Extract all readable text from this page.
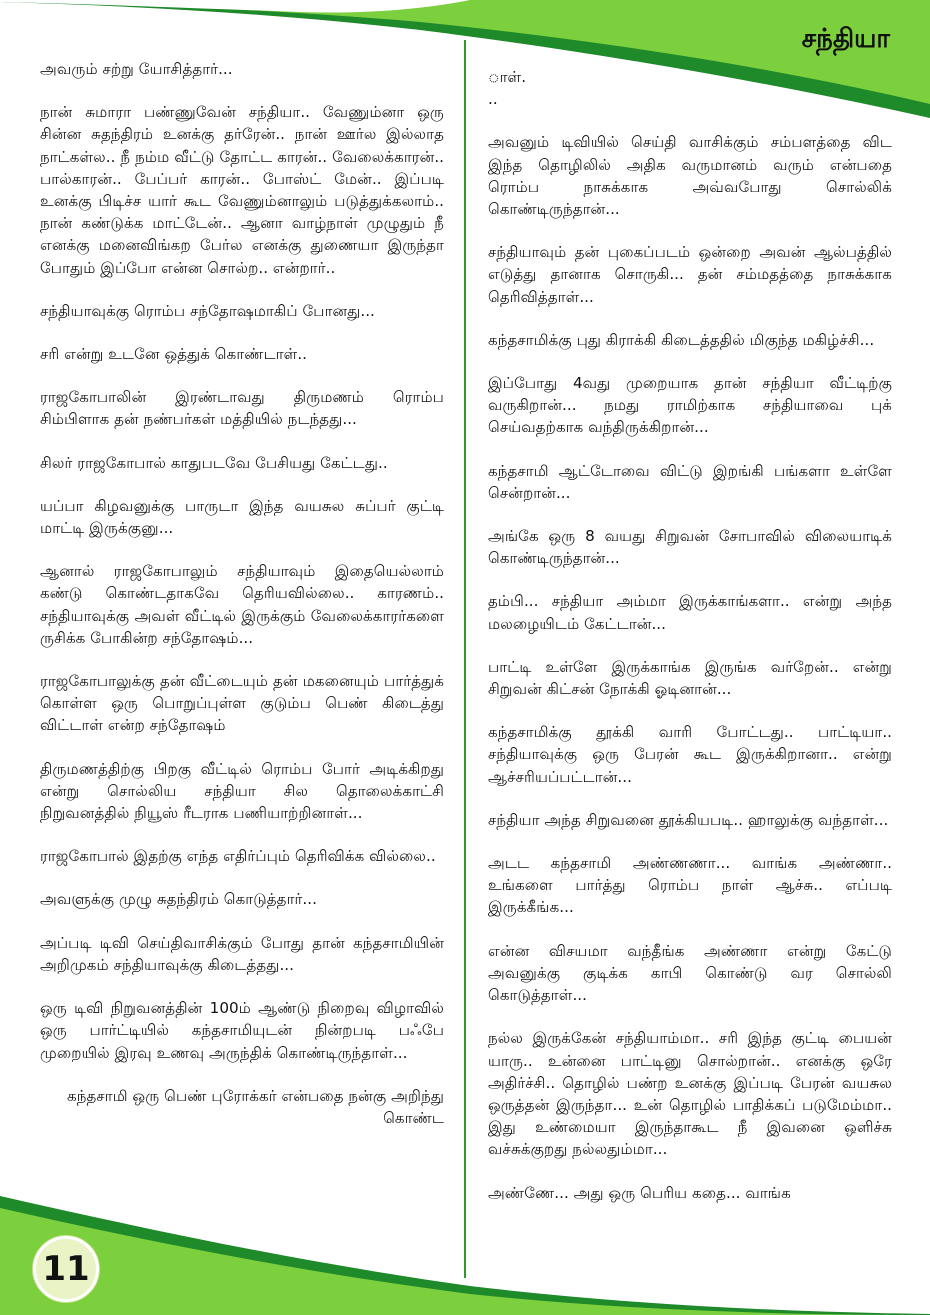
சந்தியா

அவரும் சற்று யோசித்தார்...

நான் சுமாரா பண்ணுவேன் சந்தியா.. வேணும்னா ஒரு சின்ன சுதந்திரம் உனக்கு தர்ரேன்.. நான் ஊர்ல இல்லாத நாட்கள்ல.. நீ நம்ம வீட்டு தோட்ட காரன்.. வேலைக்காரன்.. பால்காரன்.. பேப்பர் காரன்.. போஸ்ட் மேன்.. இப்படி உனக்கு பிடிச்ச யார் கூட வேணும்னாலும் படுத்துக்கலாம்.. நான் கண்டுக்க மாட்டேன்.. ஆனா வாழ்நாள் முழுதும் நீ எனக்கு மனைவிங்கற பேர்ல எனக்கு துணையா இருந்தா போதும் இப்போ என்ன சொல்ற.. என்றார்..

சந்தியாவுக்கு ரொம்ப சந்தோஷமாகிப் போனது...

சரி என்று உடனே ஒத்துக் கொண்டாள்..

ராஜகோபாலின் இரண்டாவது திருமணம் ரொம்ப சிம்பிளாக தன் நண்பர்கள் மத்தியில் நடந்தது...

சிலர் ராஜகோபால் காதுபடவே பேசியது கேட்டது..

யப்பா கிழவனுக்கு பாருடா இந்த வயசுல சுப்பர் குட்டி மாட்டி இருக்குனு...

ஆனால் ராஜகோபாலும் சந்தியாவும் இதையெல்லாம் கண்டு கொண்டதாகவே தெரியவில்லை.. காரணம்.. சந்தியாவுக்கு அவள் வீட்டில் இருக்கும் வேலைக்காரர்களை ருசிக்க போகின்ற சந்தோஷம்...

ராஜகோபாலுக்கு தன் வீட்டையும் தன் மகனையும் பார்த்துக் கொள்ள ஒரு பொறுப்புள்ள குடும்ப பெண் கிடைத்து விட்டாள் என்ற சந்தோஷம்

திருமணத்திற்கு பிறகு வீட்டில் ரொம்ப போர் அடிக்கிறது என்று சொல்லிய சந்தியா சில தொலைக்காட்சி நிறுவனத்தில் நியூஸ் ரீடராக பணியாற்றினாள்...

ராஜகோபால் இதற்கு எந்த எதிர்ப்பும் தெரிவிக்க வில்லை..

அவளுக்கு முழு சுதந்திரம் கொடுத்தார்...

அப்படி டிவி செய்திவாசிக்கும் போது தான் கந்தசாமியின் அறிமுகம் சந்தியாவுக்கு கிடைத்தது...

ஒரு டிவி நிறுவனத்தின் 100ம் ஆண்டு நிறைவு விழாவில் ஒரு பார்ட்டியில் கந்தசாமியுடன் நின்றபடி பஃபே முறையில் இரவு உணவு அருந்திக் கொண்டிருந்தாள்...

கந்தசாமி ஒரு பெண் புரோக்கர் என்பதை நன்கு அறிந்து கொண்ட

ாள்.
..

அவனும் டிவியில் செய்தி வாசிக்கும் சம்பளத்தை விட இந்த தொழிலில் அதிக வருமானம் வரும் என்பதை ரொம்ப நாசுக்காக அவ்வபோது சொல்லிக் கொண்டிருந்தான்...

சந்தியாவும் தன் புகைப்படம் ஒன்றை அவன் ஆல்பத்தில் எடுத்து தானாக சொருகி... தன் சம்மதத்தை நாசுக்காக தெரிவித்தாள்...

கந்தசாமிக்கு புது கிராக்கி கிடைத்ததில் மிகுந்த மகிழ்ச்சி...

இப்போது 4வது முறையாக தான் சந்தியா வீட்டிற்கு வருகிறான்... நமது ராமிற்காக சந்தியாவை புக் செய்வதற்காக வந்திருக்கிறான்...

கந்தசாமி ஆட்டோவை விட்டு இறங்கி பங்களா உள்ளே சென்றான்...

அங்கே ஒரு 8 வயது சிறுவன் சோபாவில் விலையாடிக் கொண்டிருந்தான்...

தம்பி... சந்தியா அம்மா இருக்காங்களா.. என்று அந்த மலழையிடம் கேட்டான்...

பாட்டி உள்ளே இருக்காங்க இருங்க வர்றேன்.. என்று சிறுவன் கிட்சன் நோக்கி ஓடினான்...

கந்தசாமிக்கு தூக்கி வாரி போட்டது.. பாட்டியா.. சந்தியாவுக்கு ஒரு பேரன் கூட இருக்கிறானா.. என்று ஆச்சரியப்பட்டான்...

சந்தியா அந்த சிறுவனை தூக்கியபடி.. ஹாலுக்கு வந்தாள்...

அடட கந்தசாமி அண்ணணா... வாங்க அண்ணா.. உங்களை பார்த்து ரொம்ப நாள் ஆச்சு.. எப்படி இருக்கீங்க...

என்ன விசயமா வந்தீங்க அண்ணா என்று கேட்டு அவனுக்கு குடிக்க காபி கொண்டு வர சொல்லி கொடுத்தாள்...

நல்ல இருக்கேன் சந்தியாம்மா.. சரி இந்த குட்டி பையன் யாரு.. உன்னை பாட்டினு சொல்றான்.. எனக்கு ஒரே அதிர்ச்சி.. தொழில் பண்ற உனக்கு இப்படி பேரன் வயசுல ஒருத்தன் இருந்தா... உன் தொழில் பாதிக்கப் படுமேம்மா.. இது உண்மையா இருந்தாகூட நீ இவனை ஒளிச்சு வச்சுக்குறது நல்லதும்மா...

அண்ணே... அது ஒரு பெரிய கதை... வாங்க

11
